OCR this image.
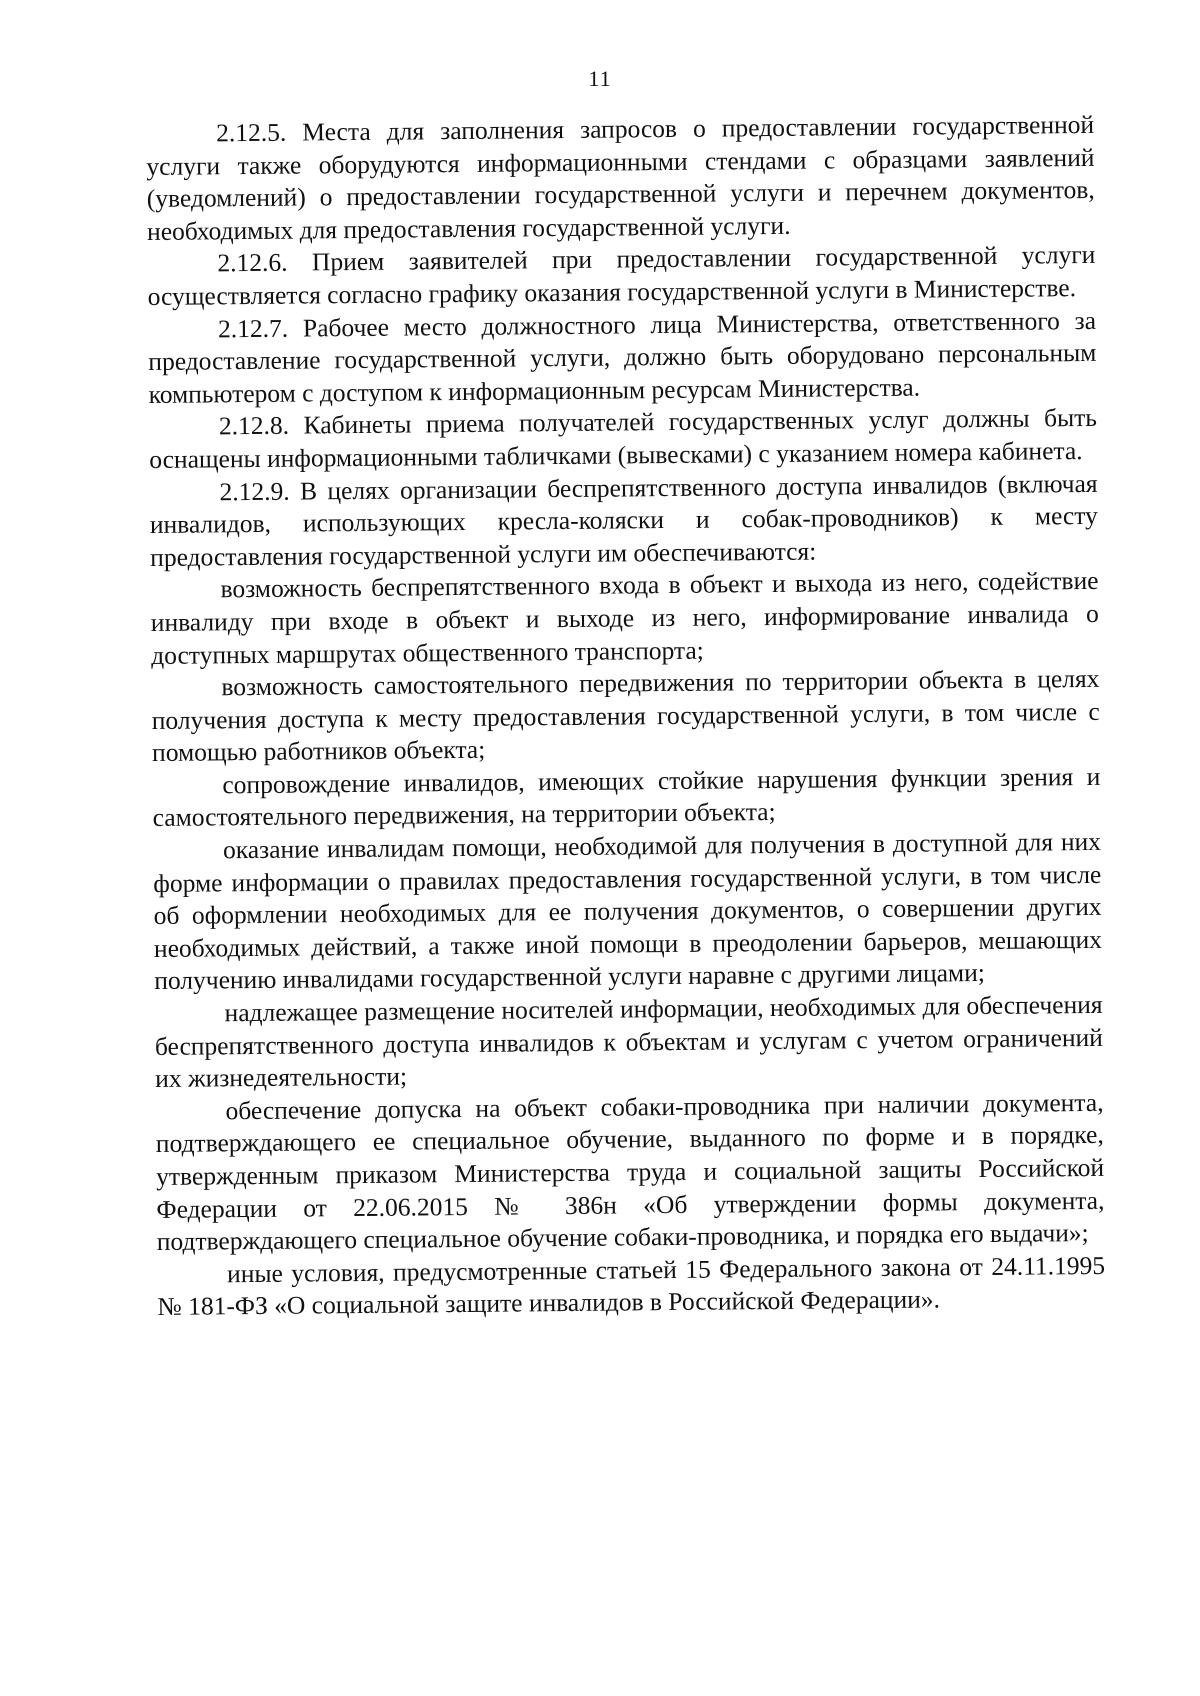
11

2.12.5. Места для заполнения запросов о предоставлении государственной услуги также оборудуются информационными стендами с образцами заявлений (уведомлений) о предоставлении государственной услуги и перечнем документов, необходимых для предоставления государственной услуги.

2.12.6. Прием заявителей при предоставлении государственной услуги осуществляется согласно графику оказания государственной услуги в Министерстве.

2.12.7. Рабочее место должностного лица Министерства, ответственного за предоставление государственной услуги, должно быть оборудовано персональным компьютером с доступом к информационным ресурсам Министерства.

2.12.8. Кабинеты приема получателей государственных услуг должны быть оснащены информационными табличками (вывесками) с указанием номера кабинета.

2.12.9. В целях организации беспрепятственного доступа инвалидов (включая инвалидов, использующих кресла-коляски и собак-проводников) к месту предоставления государственной услуги им обеспечиваются:

возможность беспрепятственного входа в объект и выхода из него, содействие инвалиду при входе в объект и выходе из него, информирование инвалида о доступных маршрутах общественного транспорта;

возможность самостоятельного передвижения по территории объекта в целях получения доступа к месту предоставления государственной услуги, в том числе с помощью работников объекта;

сопровождение инвалидов, имеющих стойкие нарушения функции зрения и самостоятельного передвижения, на территории объекта;

оказание инвалидам помощи, необходимой для получения в доступной для них форме информации о правилах предоставления государственной услуги, в том числе об оформлении необходимых для ее получения документов, о совершении других необходимых действий, а также иной помощи в преодолении барьеров, мешающих получению инвалидами государственной услуги наравне с другими лицами;

надлежащее размещение носителей информации, необходимых для обеспечения беспрепятственного доступа инвалидов к объектам и услугам с учетом ограничений их жизнедеятельности;

обеспечение допуска на объект собаки-проводника при наличии документа, подтверждающего ее специальное обучение, выданного по форме и в порядке, утвержденным приказом Министерства труда и социальной защиты Российской Федерации от 22.06.2015 № 386н «Об утверждении формы документа, подтверждающего специальное обучение собаки-проводника, и порядка его выдачи»;

иные условия, предусмотренные статьей 15 Федерального закона от 24.11.1995 № 181-ФЗ «О социальной защите инвалидов в Российской Федерации».
